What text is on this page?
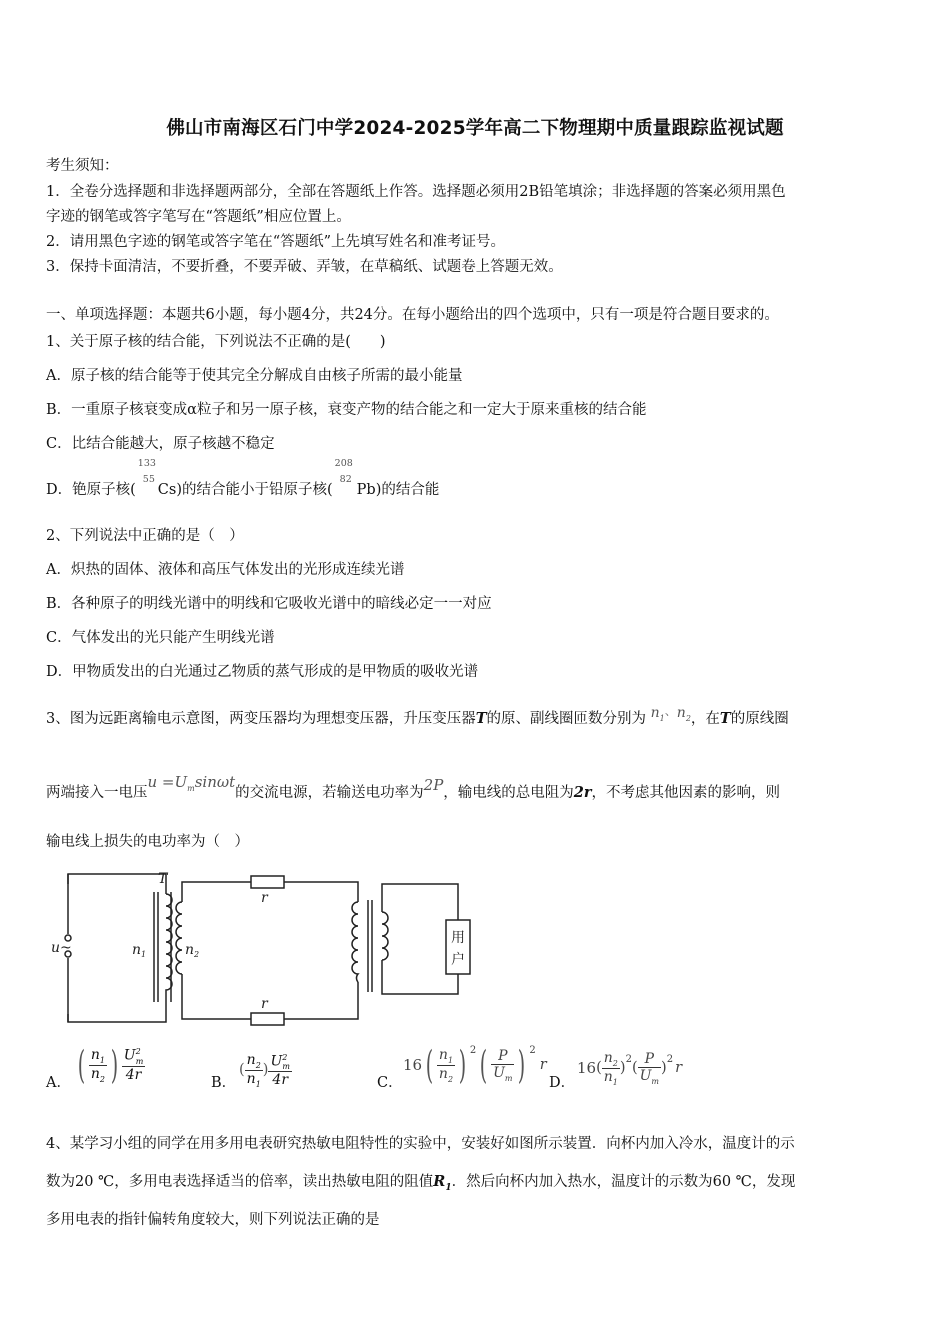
佛山市南海区石门中学2024-2025学年高二下物理期中质量跟踪监视试题
考生须知：
1．全卷分选择题和非选择题两部分，全部在答题纸上作答。选择题必须用2B铅笔填涂；非选择题的答案必须用黑色
字迹的钢笔或答字笔写在“答题纸”相应位置上。
2．请用黑色字迹的钢笔或答字笔在“答题纸”上先填写姓名和准考证号。
3．保持卡面清洁，不要折叠，不要弄破、弄皱，在草稿纸、试题卷上答题无效。
一、单项选择题：本题共6小题，每小题4分，共24分。在每小题给出的四个选项中，只有一项是符合题目要求的。
1、关于原子核的结合能，下列说法不正确的是(　　)
A．原子核的结合能等于使其完全分解成自由核子所需的最小能量
B．一重原子核衰变成α粒子和另一原子核，衰变产物的结合能之和一定大于原来重核的结合能
C．比结合能越大，原子核越不稳定
D．铯原子核(
133
55
Cs)的结合能小于铅原子核(
208
82
Pb)的结合能
2、下列说法中正确的是（　）
A．炽热的固体、液体和高压气体发出的光形成连续光谱
B．各种原子的明线光谱中的明线和它吸收光谱中的暗线必定一一对应
C．气体发出的光只能产生明线光谱
D．甲物质发出的白光通过乙物质的蒸气形成的是甲物质的吸收光谱
3、图为远距离输电示意图，两变压器均为理想变压器，升压变压器T的原、副线圈匝数分别为 $n_1^、n_2$，在T的原线圈
两端接入一电压$u =U_m\sin\omega t$的交流电源，若输送电功率为2P，输电线的总电阻为2r，不考虑其他因素的影响，则
输电线上损失的电功率为（　）
T
r
r
u~	$n_1$	$n_2$
用
户
A． ( $\frac{n_1}{n_2}$ ) $\frac{U^2_m}{4r}$
B．
( $\frac{n_2}{n_1}$ ) $\frac{U^2_m}{4r}$	C．
16 ( $\frac{n_1}{n_2}$ ) 2 ( $\frac{P}{U_m}$ ) 2
r
D．
16 ( $\frac{n_2}{n_1}$ )
2
( $\frac{P}{U_m}$ )
2
r
4、某学习小组的同学在用多用电表研究热敏电阻特性的实验中，安装好如图所示装置．向杯内加入冷水，温度计的示
数为20 ℃，多用电表选择适当的倍率，读出热敏电阻的阻值$R_1$．然后向杯内加入热水，温度计的示数为60 ℃，发现
多用电表的指针偏转角度较大，则下列说法正确的是
